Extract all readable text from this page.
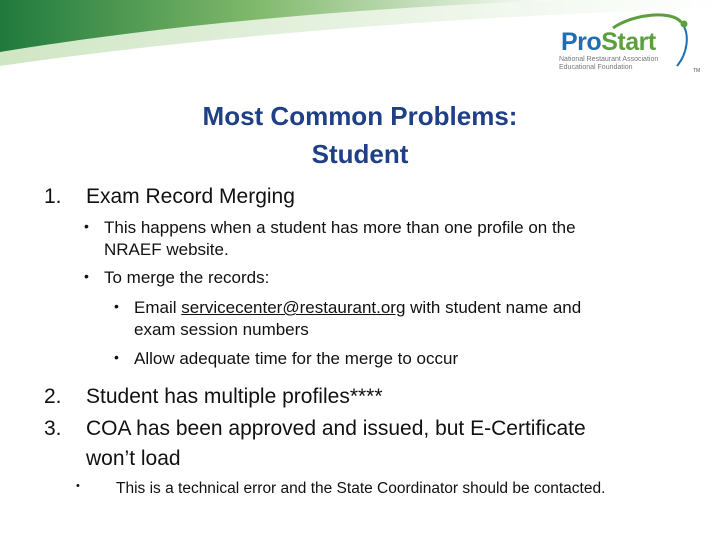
ProStart
National Restaurant Association
Educational Foundation	TM
Most Common Problems:
Student
1. Exam Record Merging
• This happens when a student has more than one profile on the
NRAEF website.
• To merge the records:
• Email servicecenter@restaurant.org with student name and
exam session numbers
• Allow adequate time for the merge to occur
2. Student has multiple profiles****
3. COA has been approved and issued, but E-Certificate
won’t load
• This is a technical error and the State Coordinator should be contacted.
